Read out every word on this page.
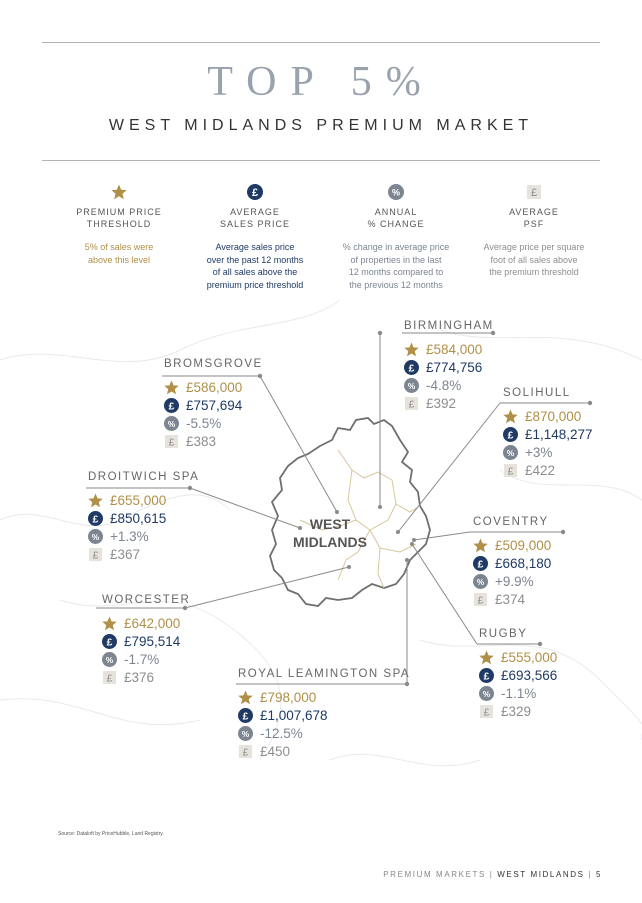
TOP 5%
WEST MIDLANDS PREMIUM MARKET
PREMIUM PRICE
THRESHOLD
5% of sales were
above this level
£
AVERAGE
SALES PRICE
Average sales price
over the past 12 months
of all sales above the
premium price threshold
%
ANNUAL
% CHANGE
% change in average price
of properties in the last
12 months compared to
the previous 12 months
£
AVERAGE
PSF
Average price per square
foot of all sales above
the premium threshold
WEST
MIDLANDS
BIRMINGHAM
£584,000
£ £774,756
% -4.8%
£ £392
BROMSGROVE
£586,000
£ £757,694
% -5.5%
£ £383
SOLIHULL
£870,000
£ £1,148,277
% +3%
£ £422
DROITWICH SPA
£655,000
£ £850,615
% +1.3%
£ £367
COVENTRY
£509,000
£ £668,180
% +9.9%
£ £374
WORCESTER
£642,000
£ £795,514
% -1.7%
£ £376
RUGBY
£555,000
£ £693,566
% -1.1%
£ £329
ROYAL LEAMINGTON SPA
£798,000
£ £1,007,678
% -12.5%
£ £450
Source: Dataloft by PriceHubble, Land Registry.
PREMIUM MARKETS | WEST MIDLANDS | 5
